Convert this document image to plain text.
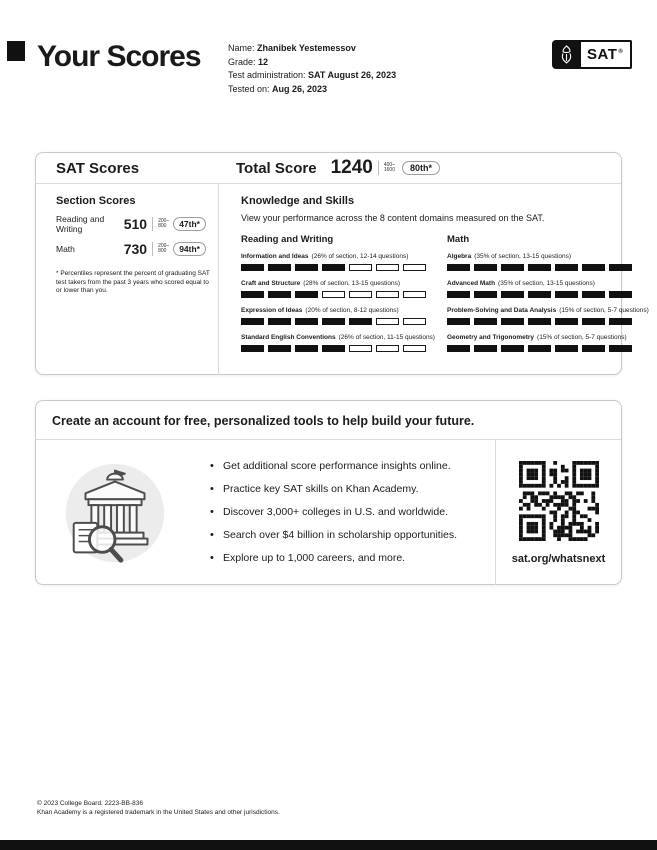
Your Scores	Name: Zhanibek Yestemessov
Grade: 12
Test administration: SAT August 26, 2023
Tested on: Aug 26, 2023
SAT®
SAT Scores	Total Score 1240 400–
1600	80th*
Section Scores
Reading and Writing	510 200–
800	47th*
Math	730 200–
800	94th*
* Percentiles represent the percent of graduating SAT test takers from the past 3 years who scored equal to or lower than you.
Knowledge and Skills
View your performance across the 8 content domains measured on the SAT.
Reading and Writing
Information and Ideas (26% of section, 12-14 questions)
Craft and Structure (28% of section, 13-15 questions)
Expression of Ideas (20% of section, 8-12 questions)
Standard English Conventions (26% of section, 11-15 questions)
Math
Algebra (35% of section, 13-15 questions)
Advanced Math (35% of section, 13-15 questions)
Problem-Solving and Data Analysis (15% of section, 5-7 questions)
Geometry and Trigonometry (15% of section, 5-7 questions)
Create an account for free, personalized tools to help build your future.
• Get additional score performance insights online.
• Practice key SAT skills on Khan Academy.
• Discover 3,000+ colleges in U.S. and worldwide.
• Search over $4 billion in scholarship opportunities.
• Explore up to 1,000 careers, and more.	sat.org/whatsnext
© 2023 College Board. 2223-BB-836
Khan Academy is a registered trademark in the United States and other jurisdictions.
